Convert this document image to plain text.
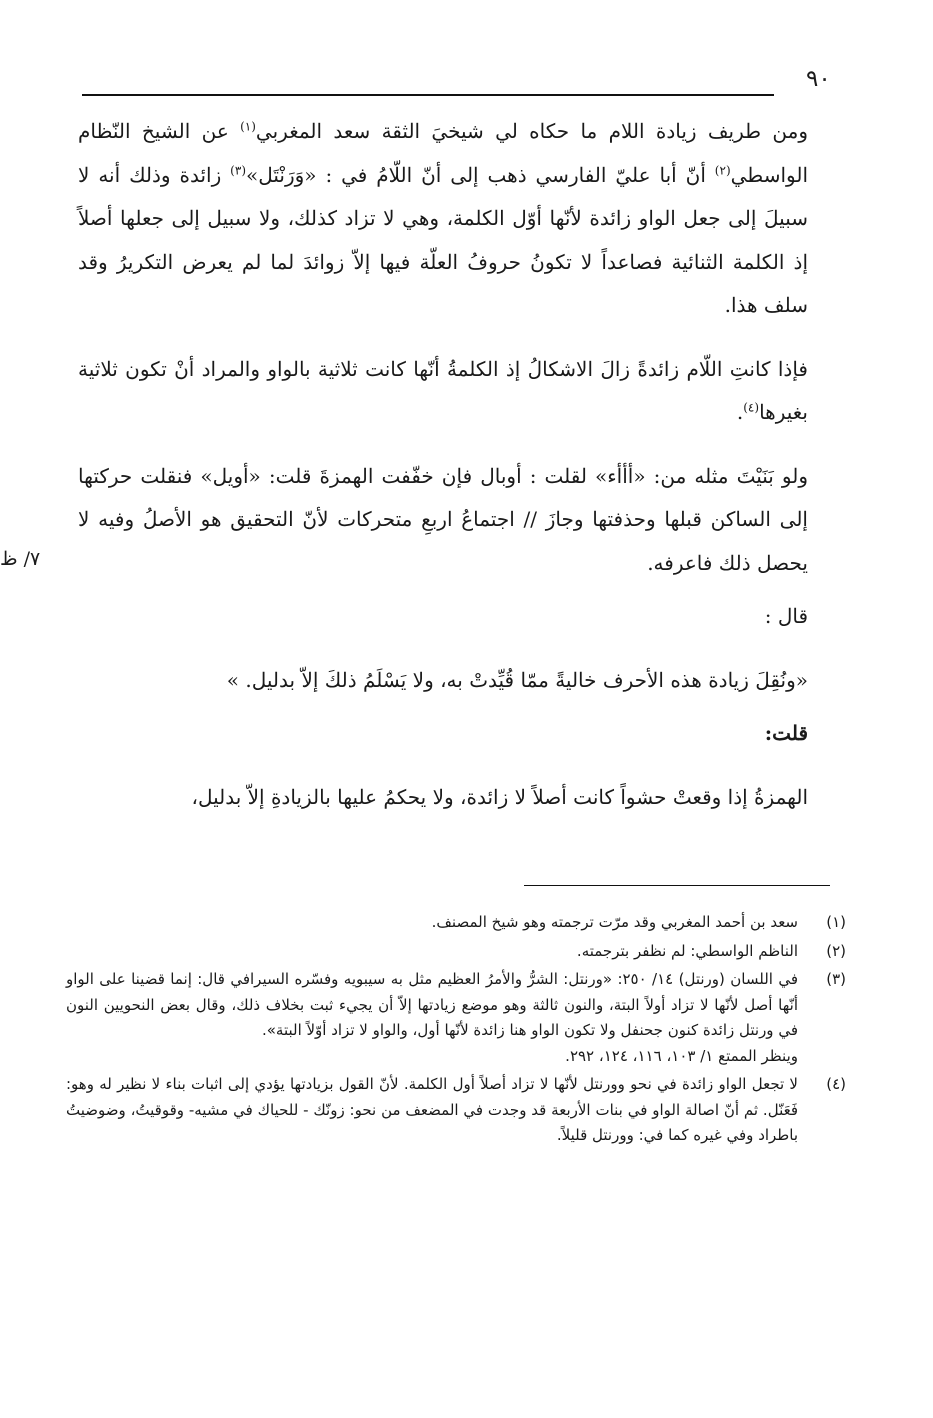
٩٠
٧/ ظ

ومن طريف زيادة اللام ما حكاه لي شيخيَ الثقة سعد المغربي$^{(١)}$ عن الشيخ النّظام الواسطي$^{(٢)}$ أنّ أبا عليّ الفارسي ذهب إلى أنّ اللّامُ في : «وَرَنْتَل»$^{(٣)}$ زائدة وذلك أنه لا سبيلَ إلى جعل الواو زائدة لأنّها أوّل الكلمة، وهي لا تزاد كذلك، ولا سبيل إلى جعلها أصلاً إذ الكلمة الثنائية فصاعداً لا تكونُ حروفُ العلّة فيها إلاّ زوائدَ لما لم يعرض التكريرُ وقد سلف هذا.

فإذا كانتِ اللّام زائدةً زالَ الاشكالُ إذ الكلمةُ أنّها كانت ثلاثية بالواو والمراد أنْ تكون ثلاثية بغيرها$^{(٤)}$.

ولو بَنَيْتَ مثله من: «أأأء» لقلت : أوبال فإن خفّفت الهمزةَ قلت: «أويل» فنقلت حركتها إلى الساكن قبلها وحذفتها وجازَ // اجتماعُ اربعِ متحركات لأنّ التحقيق هو الأصلُ وفيه لا يحصل ذلك فاعرفه.

قال :

«ونُقِلَ زيادة هذه الأحرف خاليةً ممّا قُيِّدتْ به، ولا يَسْلَمُ ذلكَ إلاّ بدليل. »

قلت:

الهمزةُ إذا وقعتْ حشواً كانت أصلاً لا زائدة، ولا يحكمُ عليها بالزيادةِ إلاّ بدليل،

(١)
سعد بن أحمد المغربي وقد مرّت ترجمته وهو شيخ المصنف.
(٢)
الناظم الواسطي: لم نظفر بترجمته.
(٣)
في اللسان (ورنتل) ١٤/ ٢٥٠: «ورنتل: الشرُّ والأمرُ العظيم مثل به سيبويه وفسّره السيرافي قال: إنما قضينا على الواو أنّها أصل لأنّها لا تزاد أولاً البتة، والنون ثالثة وهو موضع زيادتها إلاّ أن يجيء ثبت بخلاف ذلك، وقال بعض النحويين النون في ورنتل زائدة كنون جحنفل ولا تكون الواو هنا زائدة لأنّها أول، والواو لا تزاد أوّلاً البتة».
وينظر الممتع ١/ ١٠٣، ١١٦، ١٢٤، ٢٩٢.
(٤)
لا تجعل الواو زائدة في نحو وورنتل لأنّها لا تزاد أصلاً أول الكلمة. لأنّ القول بزيادتها يؤدي إلى اثبات بناء لا نظير له وهو: فَعَنّل. ثم أنّ اصالة الواو في بنات الأربعة قد وجدت في المضعف من نحو: زونّك - للحياك في مشيه- وقوقيتُ، وضوضيتُ باطراد وفي غيره كما في: وورنتل قليلاً.
